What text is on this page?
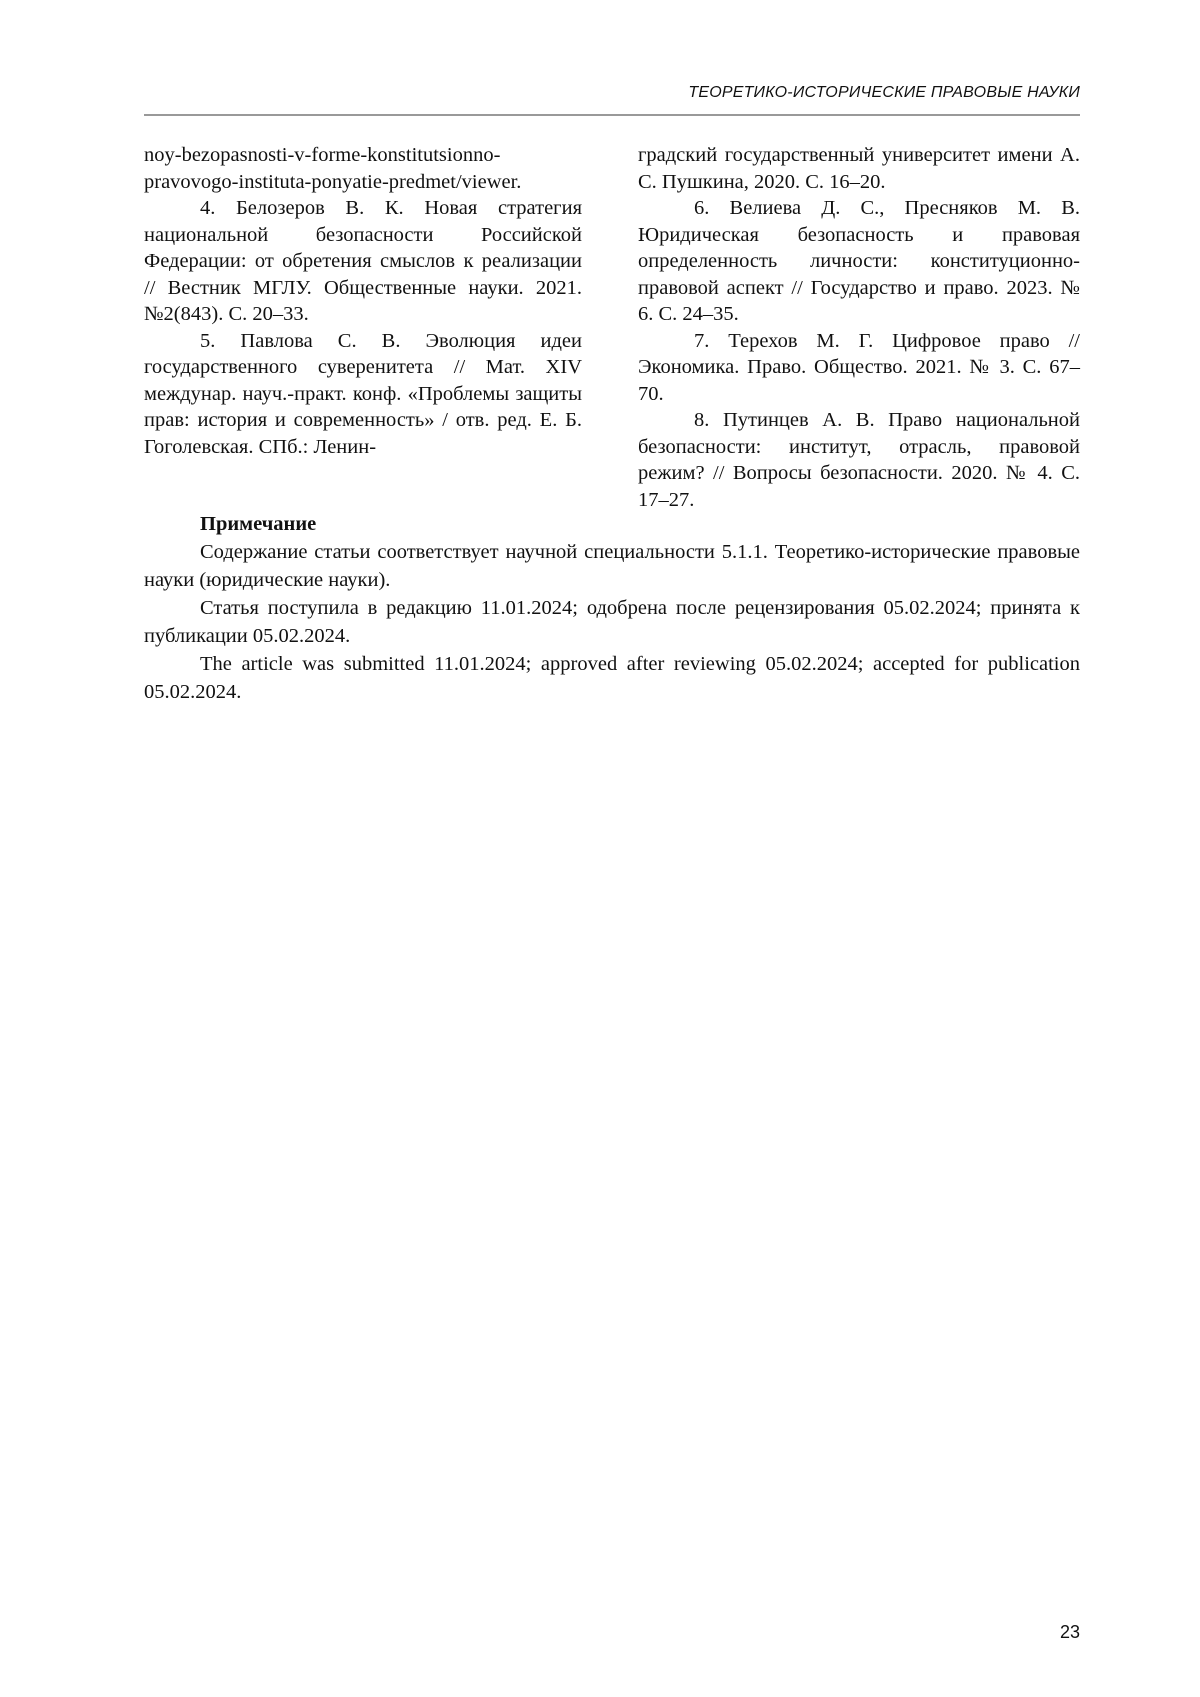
ТЕОРЕТИКО-ИСТОРИЧЕСКИЕ ПРАВОВЫЕ НАУКИ

noy-bezopasnosti-v-forme-konstitutsionno-

pravovogo-instituta-ponyatie-predmet/viewer.

4. Белозеров В. К. Новая стратегия национальной безопасности Российской Федерации: от обретения смыслов к реализации // Вестник МГЛУ. Общественные науки. 2021. №2(843). С. 20–33.

5. Павлова С. В. Эволюция идеи государственного суверенитета // Мат. XIV междунар. науч.-практ. конф. «Проблемы защиты прав: история и современность» / отв. ред. Е. Б. Гоголевская. СПб.: Ленин-

градский государственный университет имени А. С. Пушкина, 2020. С. 16–20.

6. Велиева Д. С., Пресняков М. В. Юридическая безопасность и правовая определенность личности: конституционно-правовой аспект // Государство и право. 2023. № 6. С. 24–35.

7. Терехов М. Г. Цифровое право // Экономика. Право. Общество. 2021. № 3. С. 67–70.

8. Путинцев А. В. Право национальной безопасности: институт, отрасль, правовой режим? // Вопросы безопасности. 2020. № 4. С. 17–27.

Примечание

Содержание статьи соответствует научной специальности 5.1.1. Теоретико-исторические правовые науки (юридические науки).

Статья поступила в редакцию 11.01.2024; одобрена после рецензирования 05.02.2024; принята к публикации 05.02.2024.

The article was submitted 11.01.2024; approved after reviewing 05.02.2024; accepted for publication 05.02.2024.

23
